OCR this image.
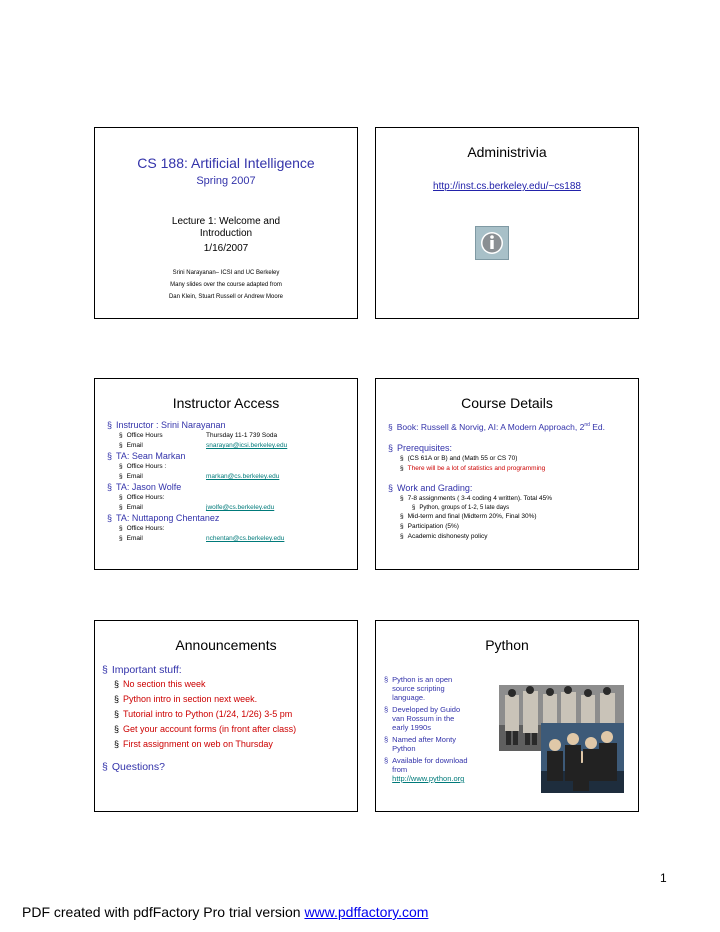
CS 188: Artificial Intelligence
Spring 2007
Lecture 1: Welcome and
Introduction
1/16/2007
Srini Narayanan– ICSI and UC Berkeley
Many slides over the course adapted from
Dan Klein, Stuart Russell or Andrew Moore
Administrivia
http://inst.cs.berkeley.edu/~cs188
Instructor Access
§ Instructor : Srini Narayanan
§ Office Hours	Thursday 11-1 739 Soda
§ Email	snarayan@icsi.berkeley.edu
§ TA: Sean Markan
§ Office Hours :
§ Email	markan@cs.berkeley.edu
§ TA: Jason Wolfe
§ Office Hours:
§ Email	jwolfe@cs.berkeley.edu
§ TA: Nuttapong Chentanez
§ Office Hours:
§ Email	nchentan@cs.berkeley.edu
Course Details
§ Book: Russell & Norvig, AI: A Modern Approach, 2nd Ed.
§ Prerequisites:
§ (CS 61A or B) and (Math 55 or CS 70)
§ There will be a lot of statistics and programming
§ Work and Grading:
§ 7-8 assignments ( 3-4 coding 4 written). Total 45%
§ Python, groups of 1-2, 5 late days
§ Mid-term and final (Midterm 20%, Final 30%)
§ Participation (5%)
§ Academic dishonesty policy
Announcements
§ Important stuff:
§ No section this week
§ Python intro in section next week.
§ Tutorial intro to Python (1/24, 1/26) 3-5 pm
§ Get your account forms (in front after class)
§ First assignment on web on Thursday
§ Questions?
Python
§ Python is an open
source scripting
language.
§ Developed by Guido
van Rossum in the
early 1990s
§ Named after Monty
Python
§ Available for download
from
http://www.python.org
1
PDF created with pdfFactory Pro trial version www.pdffactory.com
